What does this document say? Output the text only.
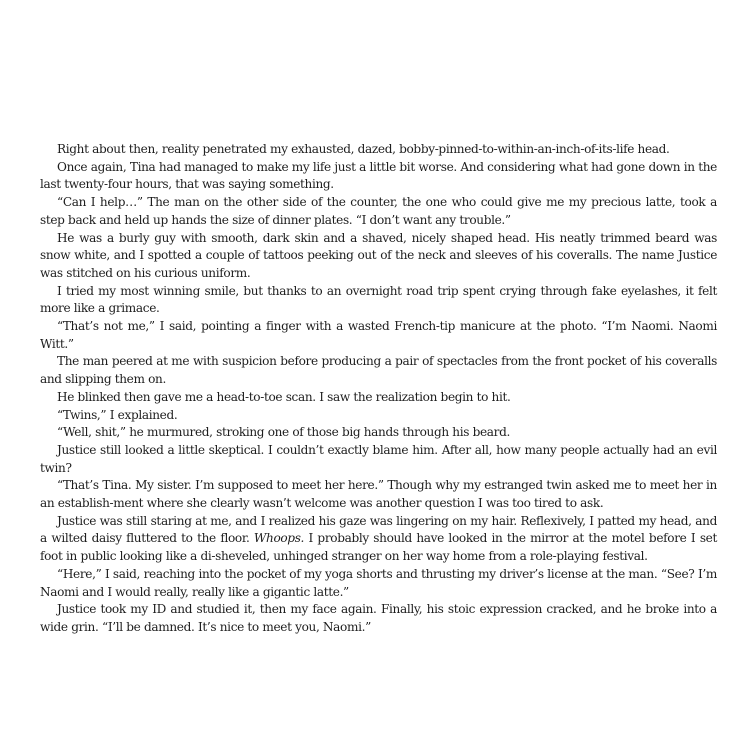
Right about then, reality penetrated my exhausted, dazed, bobby-pinned-to-within-an-inch-of-its-life head.

Once again, Tina had managed to make my life just a little bit worse. And considering what had gone down in the last twenty-four hours, that was saying something.

“Can I help…” The man on the other side of the counter, the one who could give me my precious latte, took a step back and held up hands the size of dinner plates. “I don’t want any trouble.”

He was a burly guy with smooth, dark skin and a shaved, nicely shaped head. His neatly trimmed beard was snow white, and I spotted a couple of tattoos peeking out of the neck and sleeves of his coveralls. The name Justice was stitched on his curious uniform.

I tried my most winning smile, but thanks to an overnight road trip spent crying through fake eyelashes, it felt more like a grimace.

“That’s not me,” I said, pointing a finger with a wasted French-tip manicure at the photo. “I’m Naomi. Naomi Witt.”

The man peered at me with suspicion before producing a pair of spectacles from the front pocket of his coveralls and slipping them on.

He blinked then gave me a head-to-toe scan. I saw the realization begin to hit.

“Twins,” I explained.

“Well, shit,” he murmured, stroking one of those big hands through his beard.

Justice still looked a little skeptical. I couldn’t exactly blame him. After all, how many people actually had an evil twin?

“That’s Tina. My sister. I’m supposed to meet her here.” Though why my estranged twin asked me to meet her in an establish-ment where she clearly wasn’t welcome was another question I was too tired to ask.

Justice was still staring at me, and I realized his gaze was lingering on my hair. Reflexively, I patted my head, and a wilted daisy fluttered to the floor. Whoops. I probably should have looked in the mirror at the motel before I set foot in public looking like a di-sheveled, unhinged stranger on her way home from a role-playing festival.

“Here,” I said, reaching into the pocket of my yoga shorts and thrusting my driver’s license at the man. “See? I’m Naomi and I would really, really like a gigantic latte.”

Justice took my ID and studied it, then my face again. Finally, his stoic expression cracked, and he broke into a wide grin. “I’ll be damned. It’s nice to meet you, Naomi.”
